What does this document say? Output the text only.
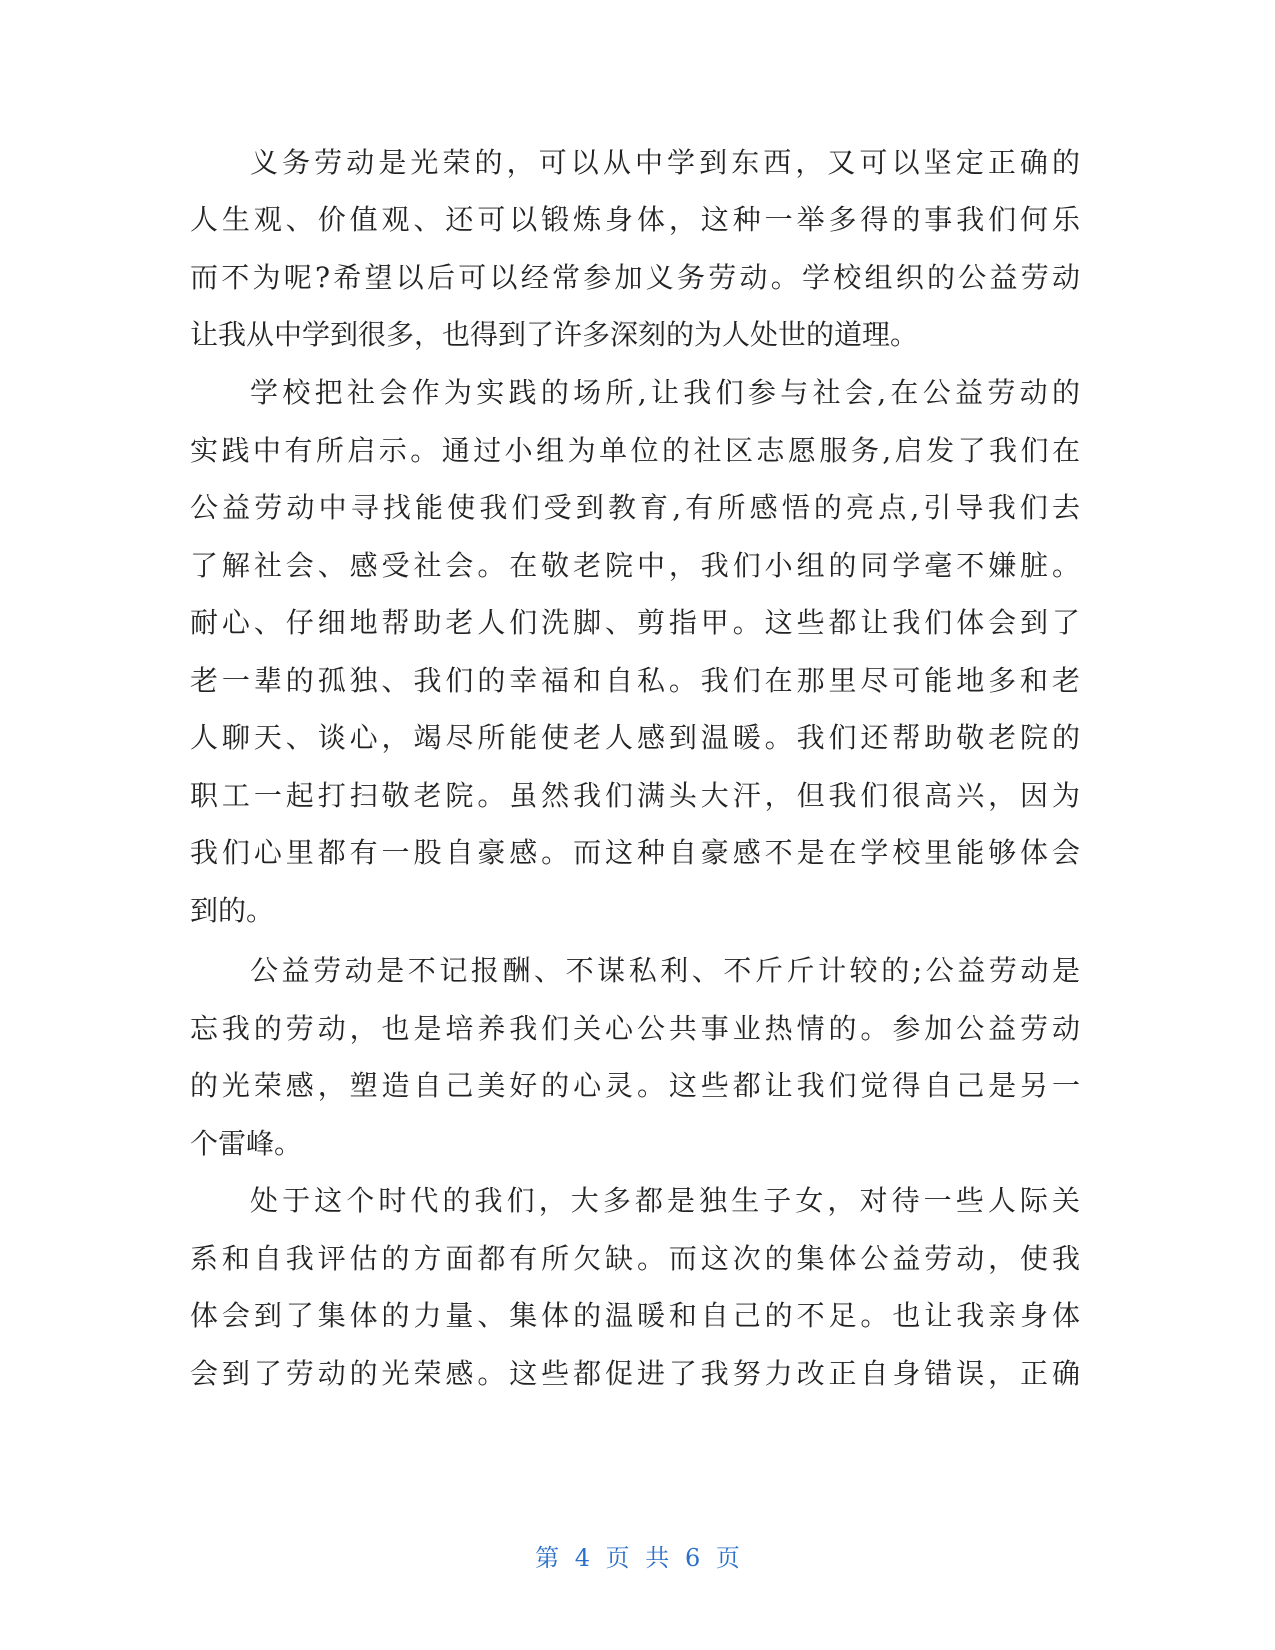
义务劳动是光荣的，可以从中学到东西，又可以坚定正确的
人生观、价值观、还可以锻炼身体，这种一举多得的事我们何乐
而不为呢?希望以后可以经常参加义务劳动。学校组织的公益劳动
让我从中学到很多，也得到了许多深刻的为人处世的道理。
学校把社会作为实践的场所,让我们参与社会,在公益劳动的
实践中有所启示。通过小组为单位的社区志愿服务,启发了我们在
公益劳动中寻找能使我们受到教育,有所感悟的亮点,引导我们去
了解社会、感受社会。在敬老院中，我们小组的同学毫不嫌脏。
耐心、仔细地帮助老人们洗脚、剪指甲。这些都让我们体会到了
老一辈的孤独、我们的幸福和自私。我们在那里尽可能地多和老
人聊天、谈心，竭尽所能使老人感到温暖。我们还帮助敬老院的
职工一起打扫敬老院。虽然我们满头大汗，但我们很高兴，因为
我们心里都有一股自豪感。而这种自豪感不是在学校里能够体会
到的。
公益劳动是不记报酬、不谋私利、不斤斤计较的;公益劳动是
忘我的劳动，也是培养我们关心公共事业热情的。参加公益劳动
的光荣感，塑造自己美好的心灵。这些都让我们觉得自己是另一
个雷峰。
处于这个时代的我们，大多都是独生子女，对待一些人际关
系和自我评估的方面都有所欠缺。而这次的集体公益劳动，使我
体会到了集体的力量、集体的温暖和自己的不足。也让我亲身体
会到了劳动的光荣感。这些都促进了我努力改正自身错误，正确
第 4 页 共 6 页
